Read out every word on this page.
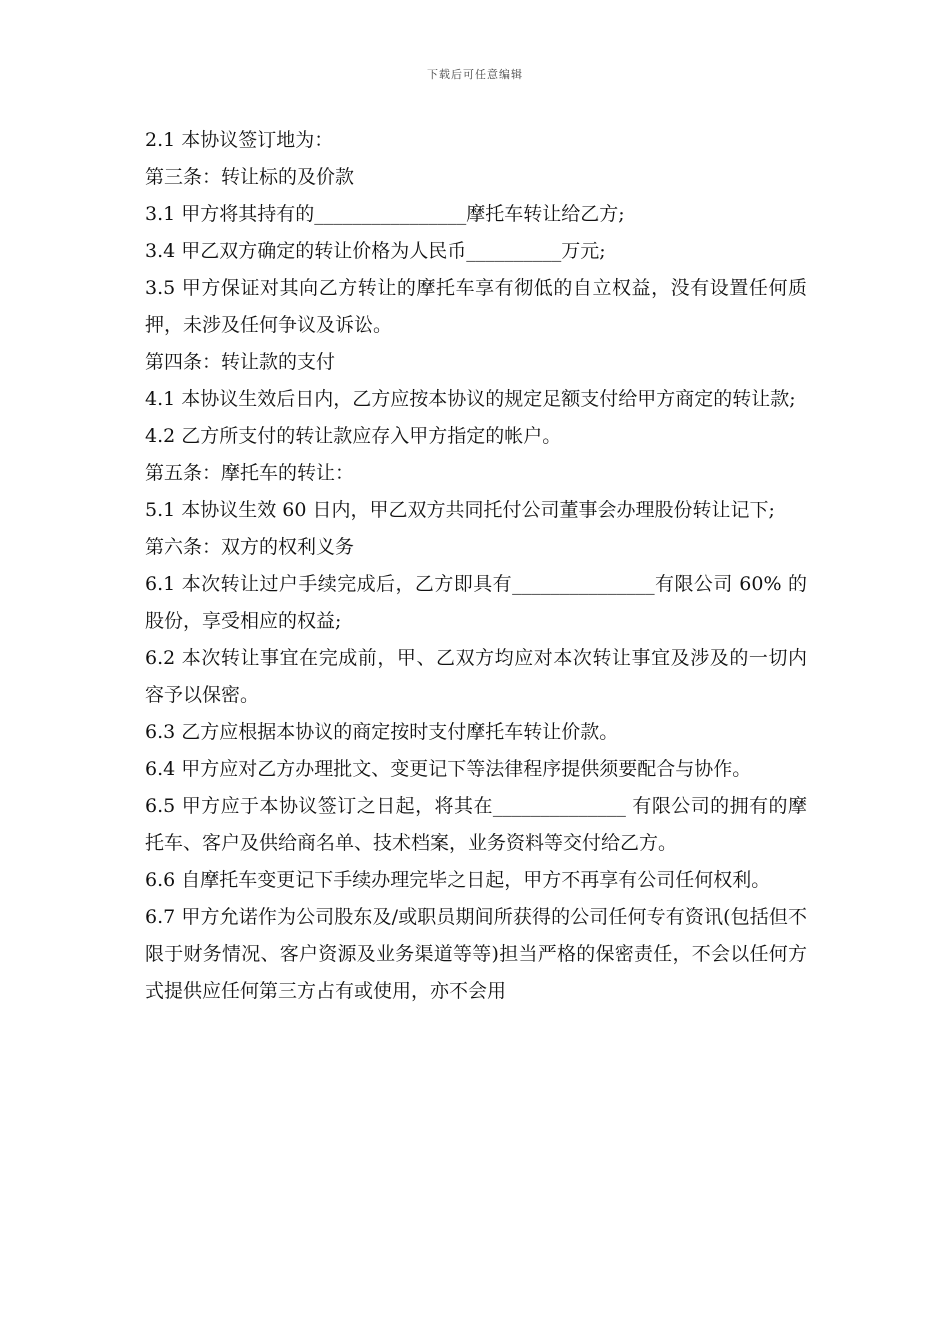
下载后可任意编辑

2.1 本协议签订地为：

第三条：转让标的及价款

3.1 甲方将其持有的________________摩托车转让给乙方;

3.4 甲乙双方确定的转让价格为人民币__________万元;

3.5 甲方保证对其向乙方转让的摩托车享有彻低的自立权益，没有设置任何质押，未涉及任何争议及诉讼。

第四条：转让款的支付

4.1 本协议生效后日内，乙方应按本协议的规定足额支付给甲方商定的转让款;

4.2 乙方所支付的转让款应存入甲方指定的帐户。

第五条：摩托车的转让：

5.1 本协议生效 60 日内，甲乙双方共同托付公司董事会办理股份转让记下;

第六条：双方的权利义务

6.1 本次转让过户手续完成后，乙方即具有_______________有限公司 60% 的股份，享受相应的权益;

6.2 本次转让事宜在完成前，甲、乙双方均应对本次转让事宜及涉及的一切内容予以保密。

6.3 乙方应根据本协议的商定按时支付摩托车转让价款。

6.4 甲方应对乙方办理批文、变更记下等法律程序提供须要配合与协作。

6.5 甲方应于本协议签订之日起，将其在______________ 有限公司的拥有的摩托车、客户及供给商名单、技术档案，业务资料等交付给乙方。

6.6 自摩托车变更记下手续办理完毕之日起，甲方不再享有公司任何权利。

6.7 甲方允诺作为公司股东及/或职员期间所获得的公司任何专有资讯(包括但不限于财务情况、客户资源及业务渠道等等)担当严格的保密责任，不会以任何方式提供应任何第三方占有或使用，亦不会用
